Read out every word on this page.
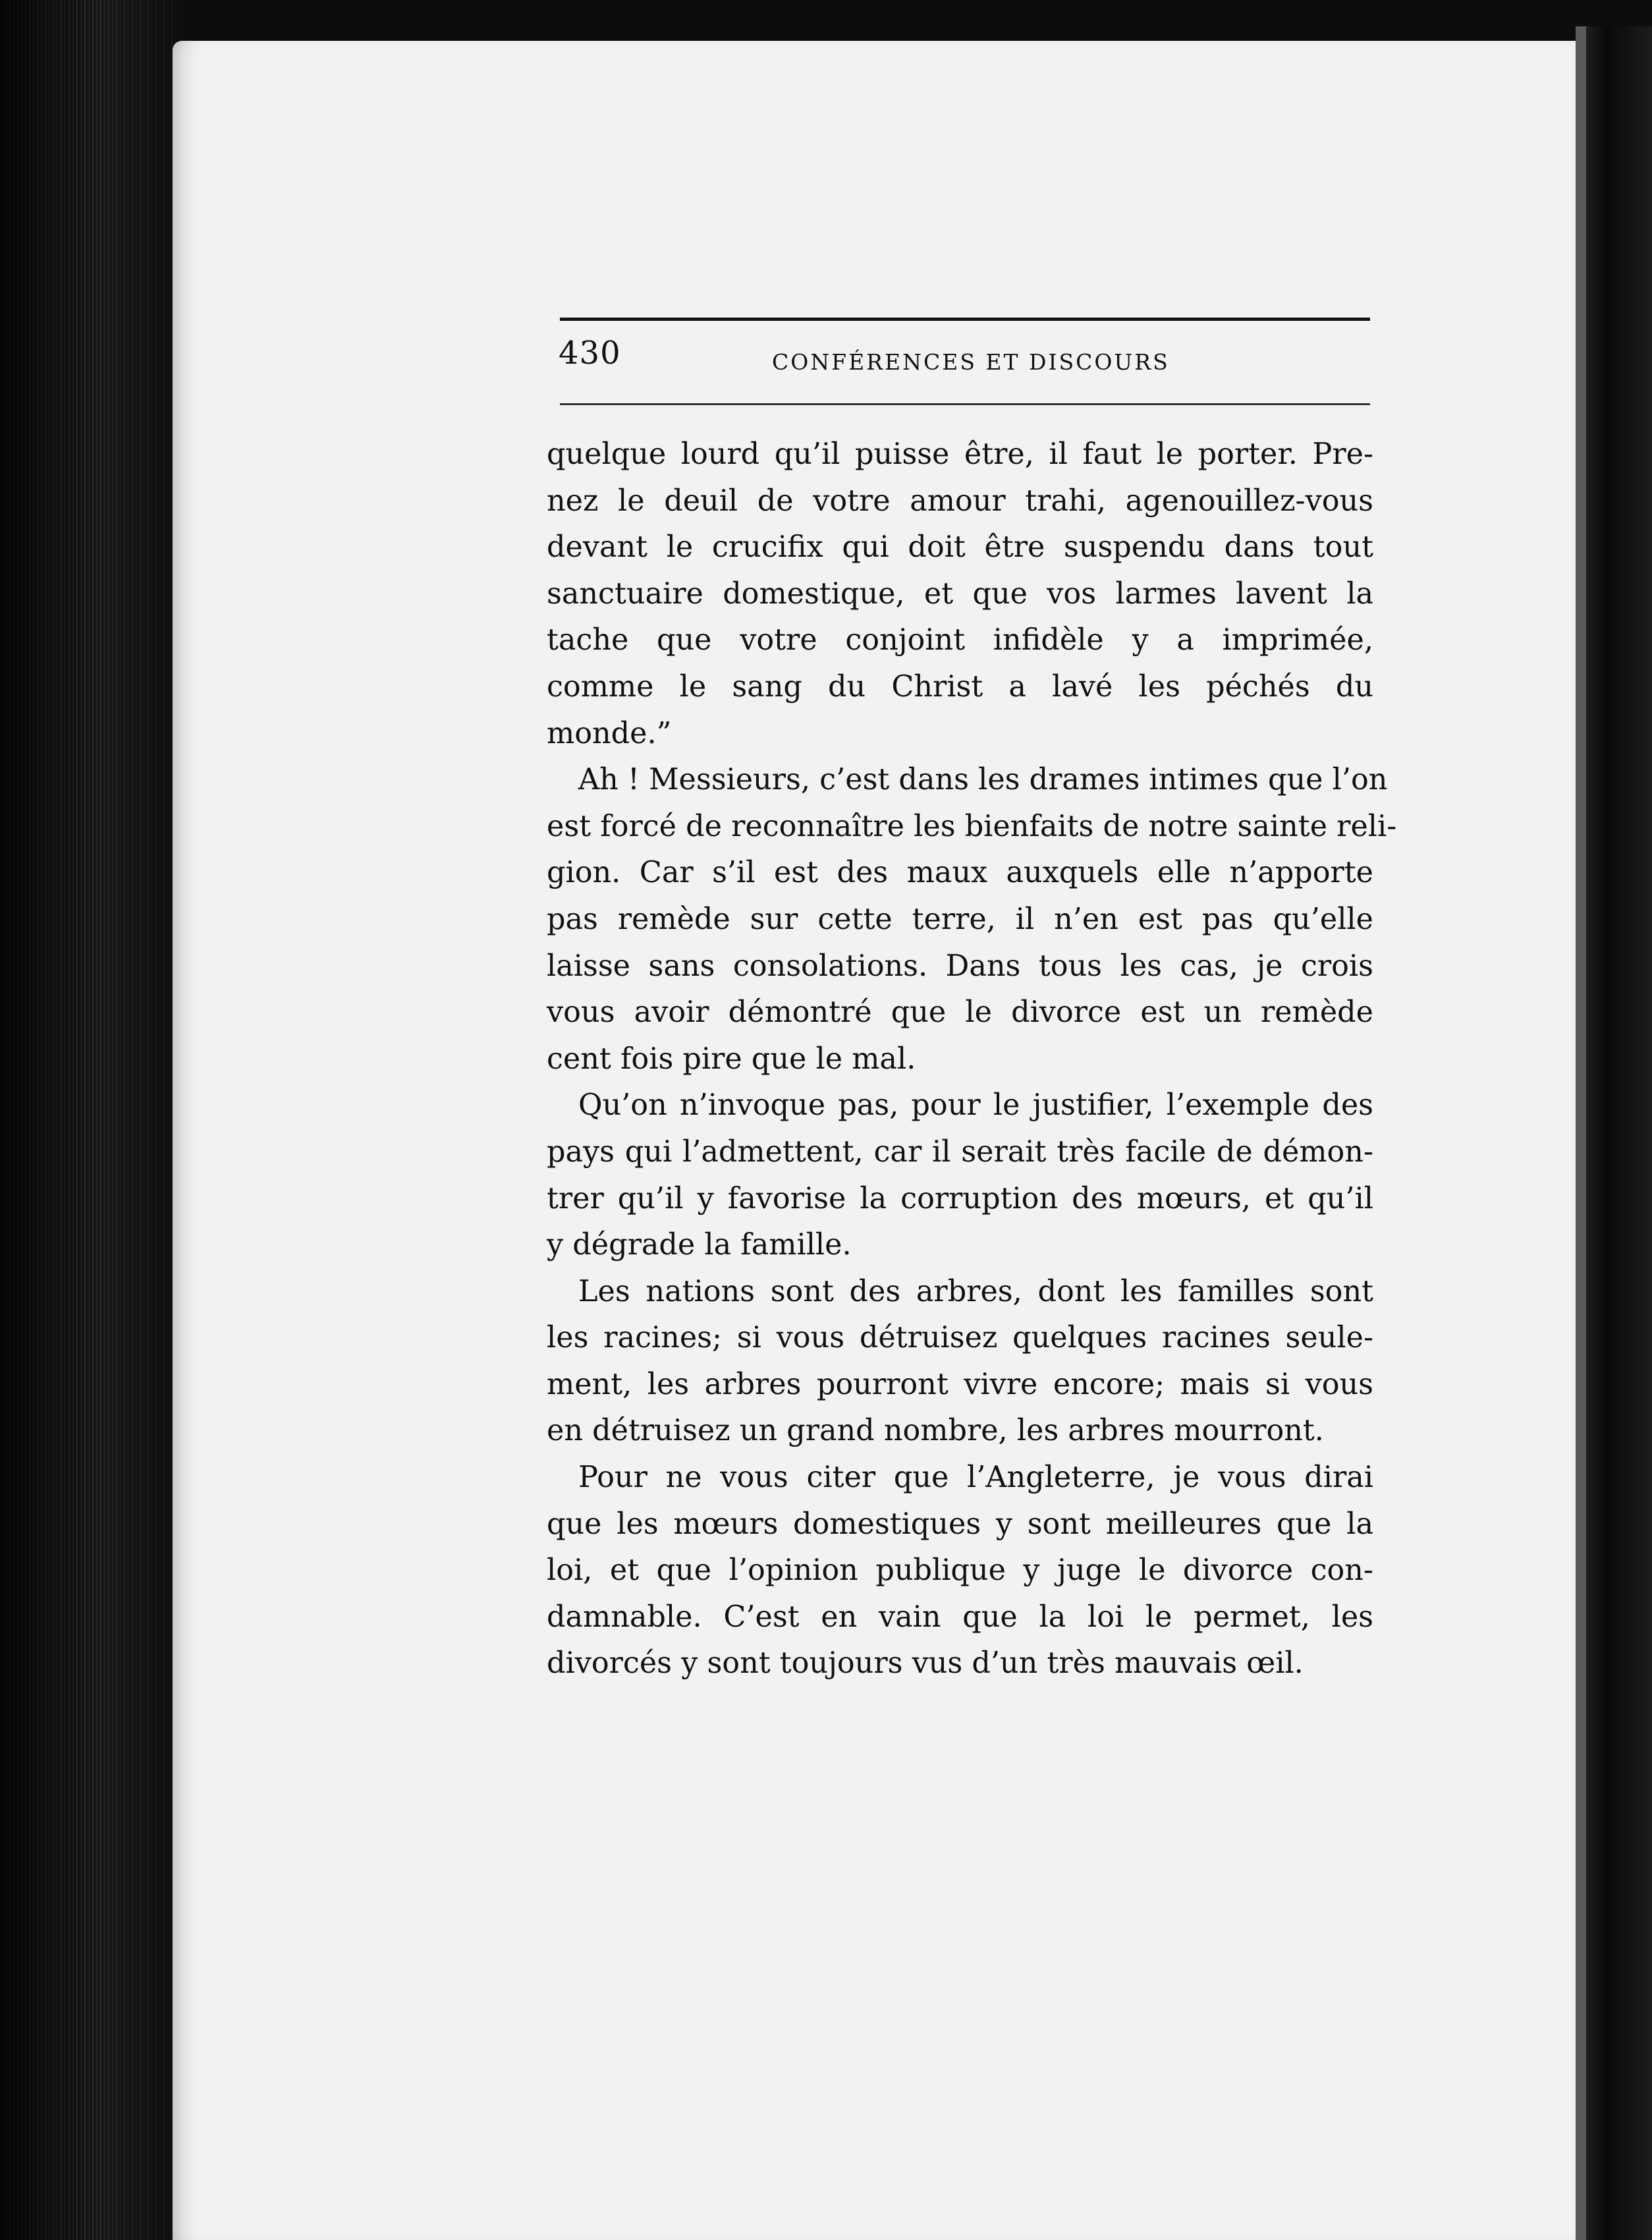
430	CONFÉRENCES ET DISCOURS
quelque lourd qu’il puisse être, il faut le porter. Pre-
nez le deuil de votre amour trahi, agenouillez-vous
devant le crucifix qui doit être suspendu dans tout
sanctuaire domestique, et que vos larmes lavent la
tache que votre conjoint infidèle y a imprimée,
comme le sang du Christ a lavé les péchés du
monde.”
Ah ! Messieurs, c’est dans les drames intimes que l’on
est forcé de reconnaître les bienfaits de notre sainte reli-
gion. Car s’il est des maux auxquels elle n’apporte
pas remède sur cette terre, il n’en est pas qu’elle
laisse sans consolations. Dans tous les cas, je crois
vous avoir démontré que le divorce est un remède
cent fois pire que le mal.
Qu’on n’invoque pas, pour le justifier, l’exemple des
pays qui l’admettent, car il serait très facile de démon-
trer qu’il y favorise la corruption des mœurs, et qu’il
y dégrade la famille.
Les nations sont des arbres, dont les familles sont
les racines; si vous détruisez quelques racines seule-
ment, les arbres pourront vivre encore; mais si vous
en détruisez un grand nombre, les arbres mourront.
Pour ne vous citer que l’Angleterre, je vous dirai
que les mœurs domestiques y sont meilleures que la
loi, et que l’opinion publique y juge le divorce con-
damnable. C’est en vain que la loi le permet, les
divorcés y sont toujours vus d’un très mauvais œil.
